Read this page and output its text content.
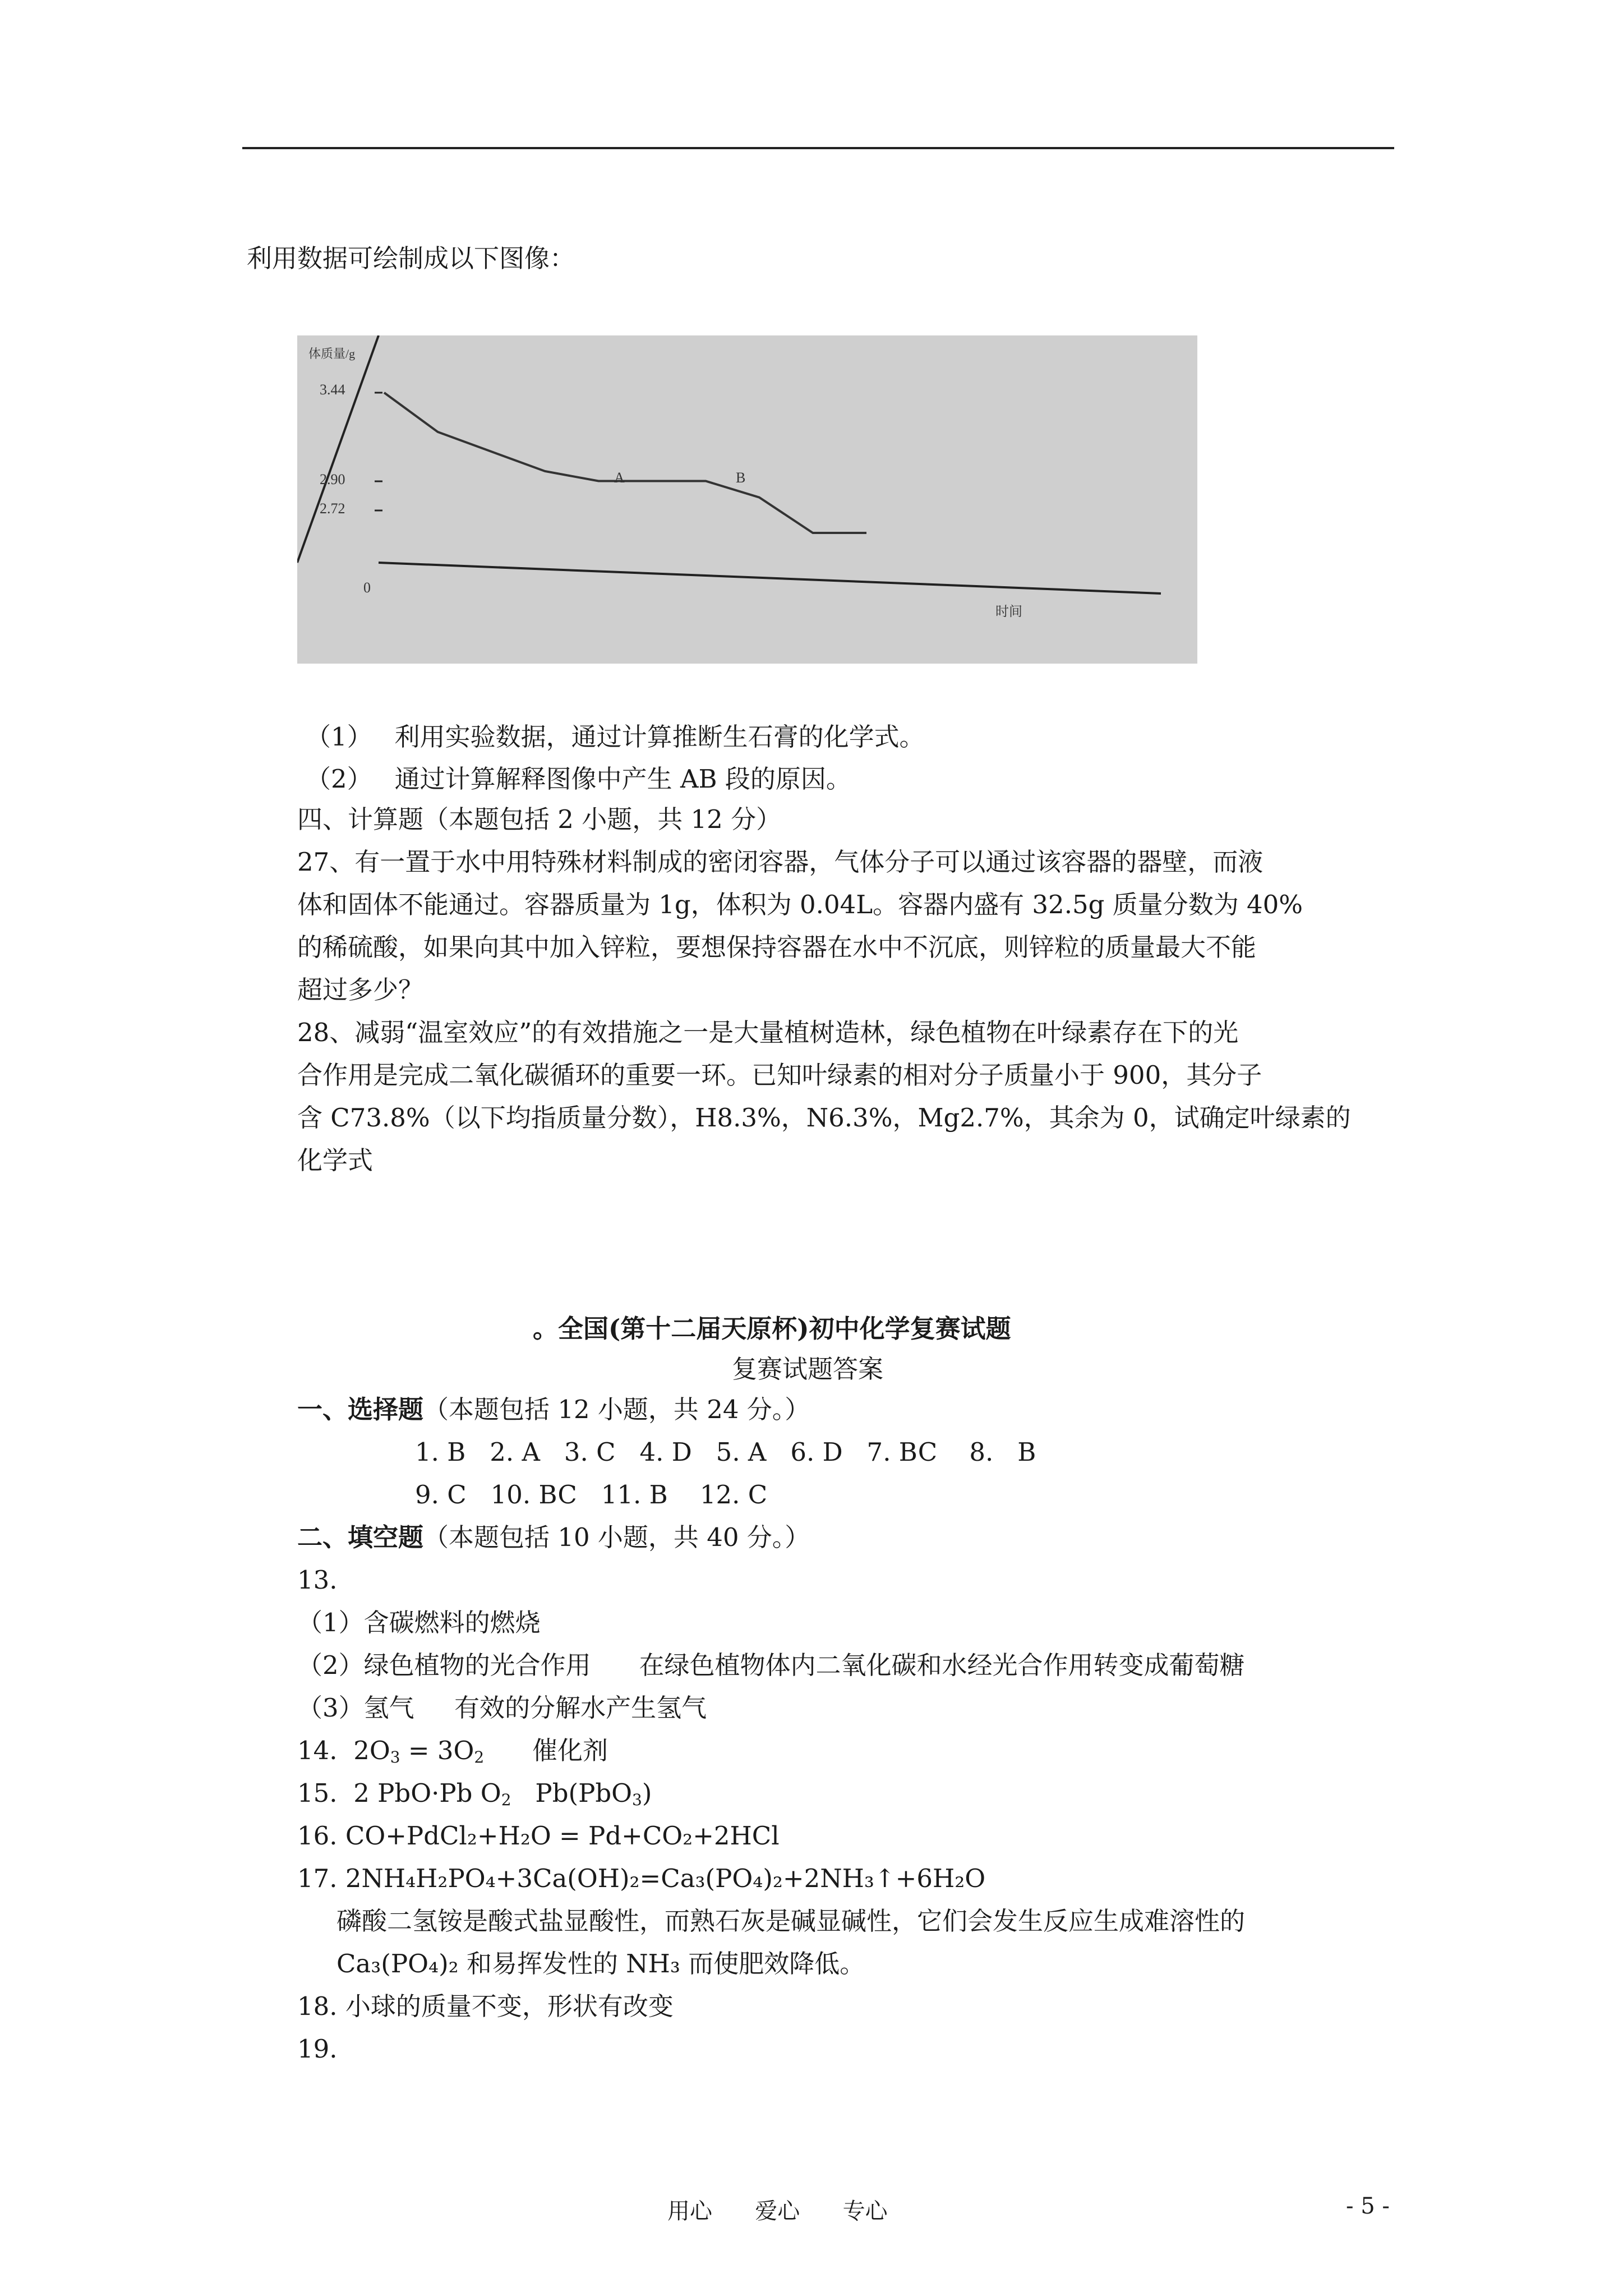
利用数据可绘制成以下图像：
体质量/g
3.44
2.90
2.72
0
时间
A	B
（1） 利用实验数据，通过计算推断生石膏的化学式。
（2） 通过计算解释图像中产生 AB 段的原因。
四、计算题（本题包括 2 小题，共 12 分）
27、有一置于水中用特殊材料制成的密闭容器，气体分子可以通过该容器的器壁，而液
体和固体不能通过。容器质量为 1g，体积为 0.04L。容器内盛有 32.5g 质量分数为 40%
的稀硫酸，如果向其中加入锌粒，要想保持容器在水中不沉底，则锌粒的质量最大不能
超过多少？
28、减弱“温室效应”的有效措施之一是大量植树造林，绿色植物在叶绿素存在下的光
合作用是完成二氧化碳循环的重要一环。已知叶绿素的相对分子质量小于 900，其分子
含 C73.8%（以下均指质量分数），H8.3%，N6.3%，Mg2.7%，其余为 0，试确定叶绿素的
化学式
。全国(第十二届天原杯)初中化学复赛试题
复赛试题答案
一、选择题（本题包括 12 小题，共 24 分。）
1. B   2. A   3. C   4. D   5. A   6. D   7. BC    8.   B
9. C   10. BC   11. B    12. C
二、填空题（本题包括 10 小题，共 40 分。）
13.
（1）含碳燃料的燃烧
（2）绿色植物的光合作用      在绿色植物体内二氧化碳和水经光合作用转变成葡萄糖
（3）氢气     有效的分解水产生氢气
14. $2O_3 = 3O_2$ 催化剂
15. 2 PbO·Pb $O_2$   Pb(PbO$_3$)
16. CO+PdCl₂+H₂O = Pd+CO₂+2HCl
17. 2NH₄H₂PO₄+3Ca(OH)₂=Ca₃(PO₄)₂+2NH₃↑+6H₂O
磷酸二氢铵是酸式盐显酸性，而熟石灰是碱显碱性，它们会发生反应生成难溶性的
Ca₃(PO₄)₂ 和易挥发性的 NH₃ 而使肥效降低。
18. 小球的质量不变，形状有改变
19.
用心      爱心      专心	- 5 -
